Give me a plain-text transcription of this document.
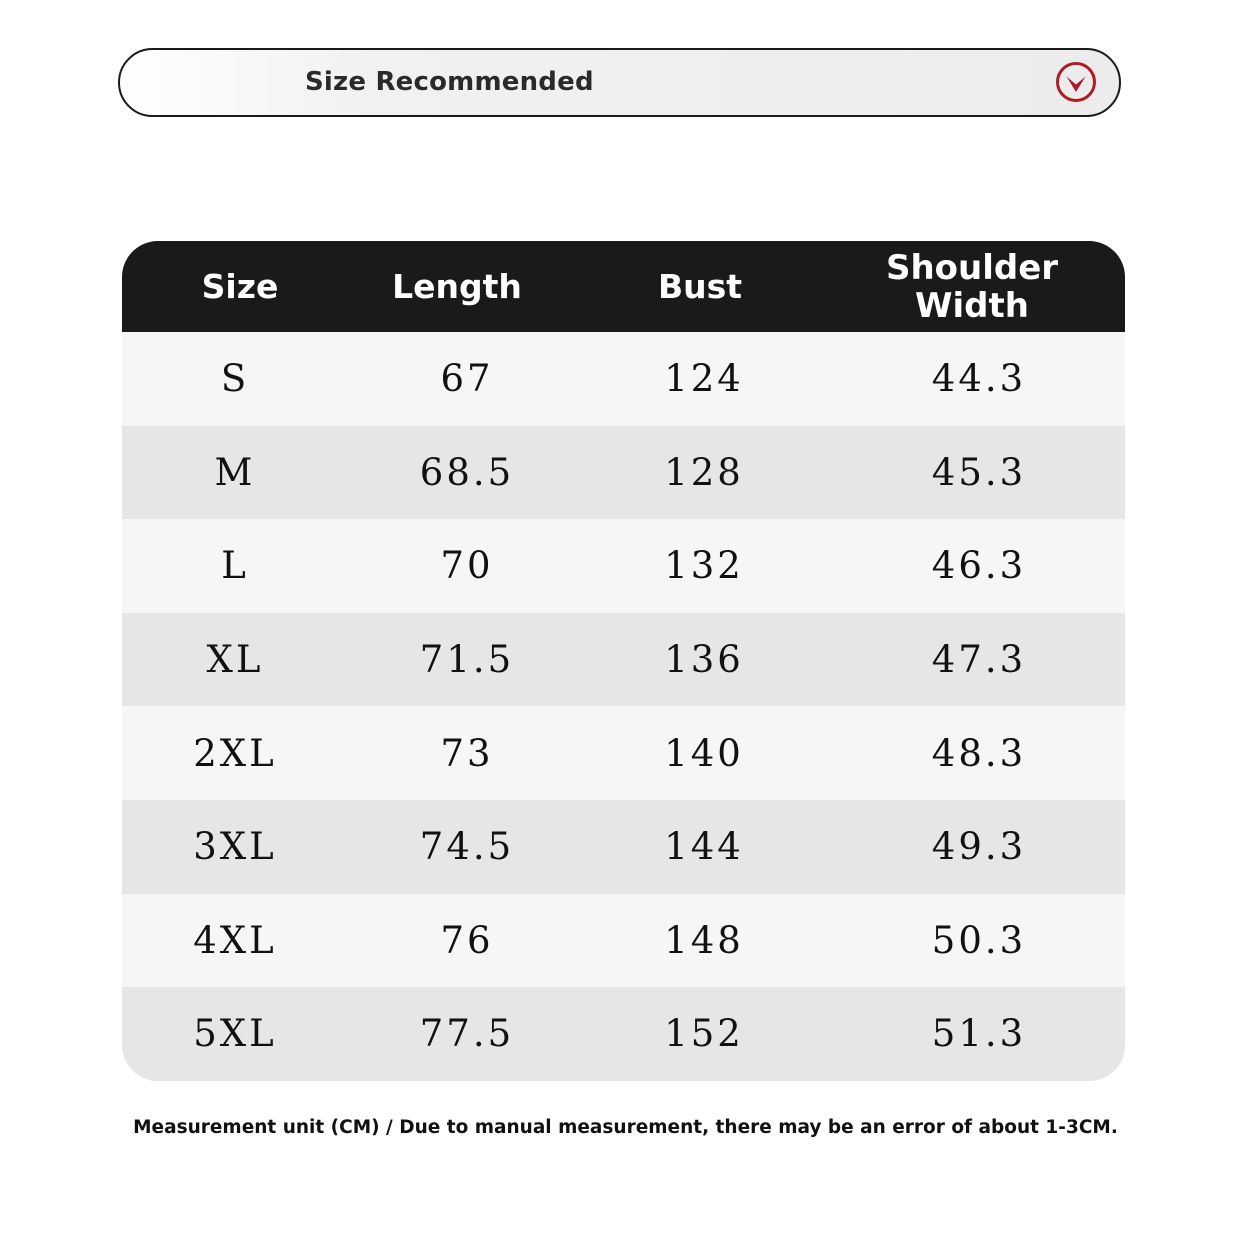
Size Recommended
Size	Length	Bust	Shoulder
Width
S	67	124	44.3
M	68.5	128	45.3
L	70	132	46.3
XL	71.5	136	47.3
2XL	73	140	48.3
3XL	74.5	144	49.3
4XL	76	148	50.3
5XL	77.5	152	51.3
Measurement unit (CM) / Due to manual measurement, there may be an error of about 1-3CM.
